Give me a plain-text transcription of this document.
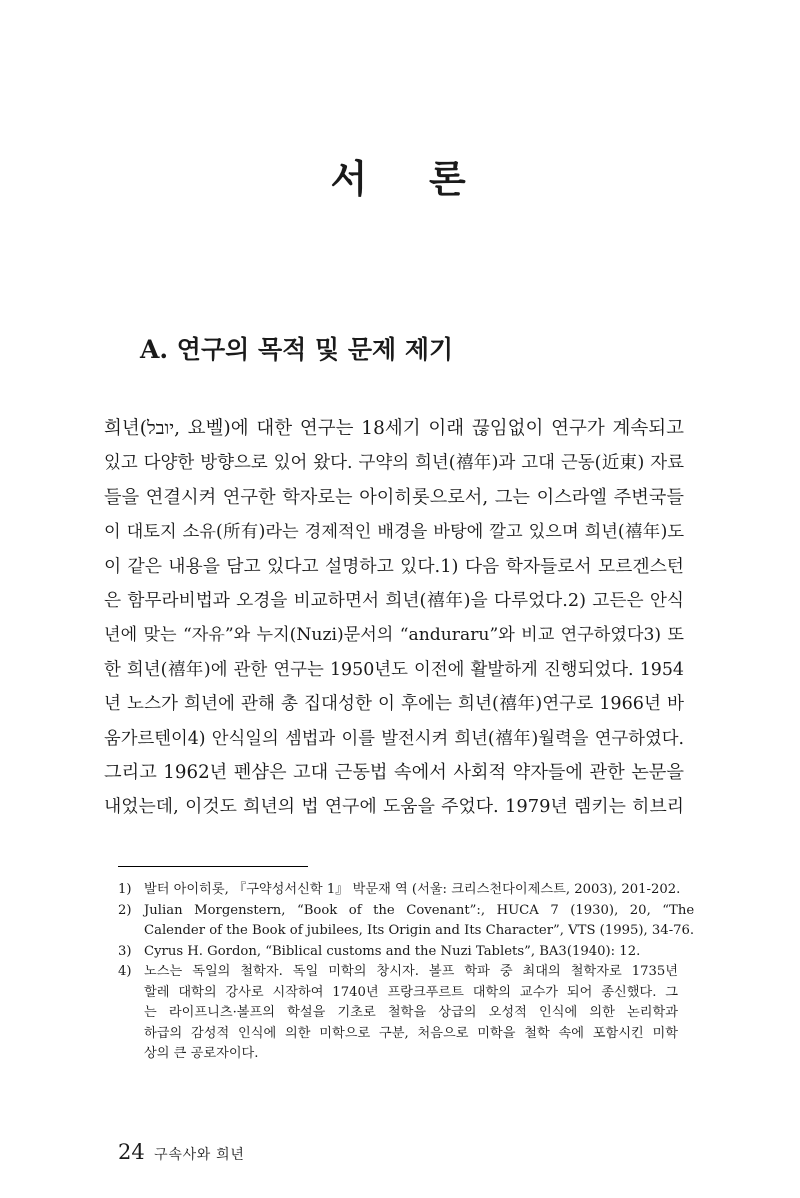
서 론
A. 연구의 목적 및 문제 제기
희년(יובל, 요벨)에 대한 연구는 18세기 이래 끊임없이 연구가 계속되고
있고 다양한 방향으로 있어 왔다. 구약의 희년(禧年)과 고대 근동(近東) 자료
들을 연결시켜 연구한 학자로는 아이히롯으로서, 그는 이스라엘 주변국들
이 대토지 소유(所有)라는 경제적인 배경을 바탕에 깔고 있으며 희년(禧年)도
이 같은 내용을 담고 있다고 설명하고 있다.1) 다음 학자들로서 모르겐스턴
은 함무라비법과 오경을 비교하면서 희년(禧年)을 다루었다.2) 고든은 안식
년에 맞는 “자유”와 누지(Nuzi)문서의 “anduraru”와 비교 연구하였다3) 또
한 희년(禧年)에 관한 연구는 1950년도 이전에 활발하게 진행되었다. 1954
년 노스가 희년에 관해 총 집대성한 이 후에는 희년(禧年)연구로 1966년 바
움가르텐이4) 안식일의 셈법과 이를 발전시켜 희년(禧年)월력을 연구하였다.
그리고 1962년 펜샴은 고대 근동법 속에서 사회적 약자들에 관한 논문을
내었는데, 이것도 희년의 법 연구에 도움을 주었다. 1979년 렘키는 히브리
1) 발터 아이히롯, 『구약성서신학 1』 박문재 역 (서울: 크리스천다이제스트, 2003), 201-202.
2) Julian Morgenstern, “Book of the Covenant”:, HUCA 7 (1930), 20, “The
Calender of the Book of jubilees, Its Origin and Its Character”, VTS (1995), 34-76.
3) Cyrus H. Gordon, “Biblical customs and the Nuzi Tablets”, BA3(1940): 12.
4) 노스는 독일의 철학자. 독일 미학의 창시자. 볼프 학파 중 최대의 철학자로 1735년
할레 대학의 강사로 시작하여 1740년 프랑크푸르트 대학의 교수가 되어 종신했다. 그
는 라이프니츠·볼프의 학설을 기초로 철학을 상급의 오성적 인식에 의한 논리학과
하급의 감성적 인식에 의한 미학으로 구분, 처음으로 미학을 철학 속에 포함시킨 미학
상의 큰 공로자이다.
24 구속사와 희년
